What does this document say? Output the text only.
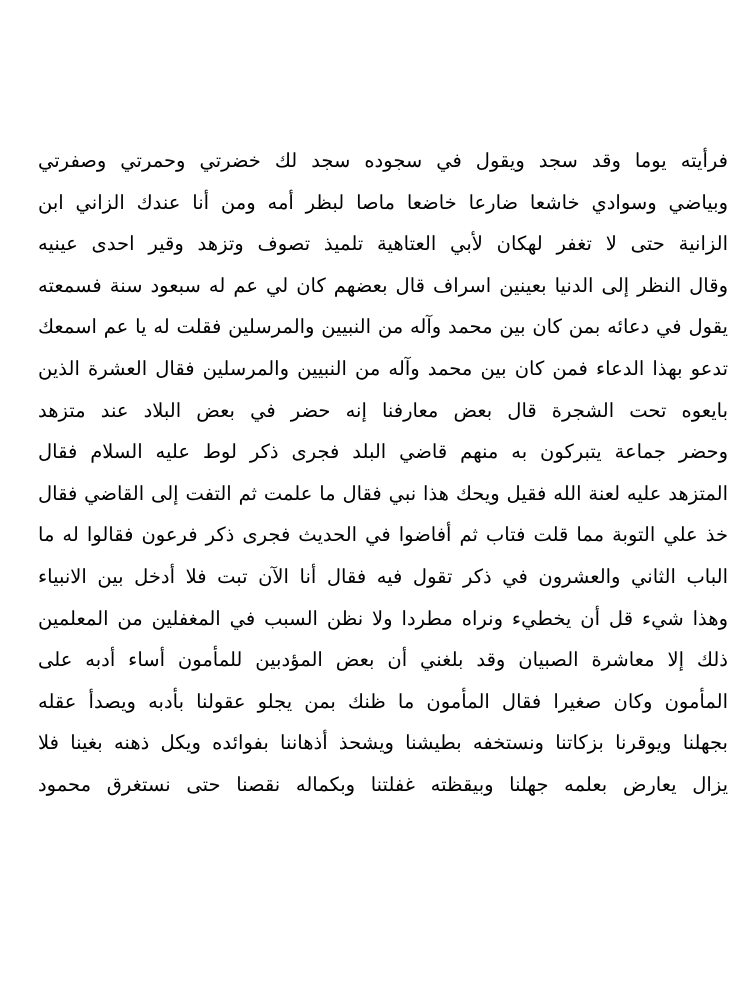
فرأيته يوما وقد سجد ويقول في سجوده سجد لك خضرتي وحمرتي وصفرتي
وبياضي وسوادي خاشعا ضارعا خاضعا ماصا لبظر أمه ومن أنا عندك الزاني ابن
الزانية حتى لا تغفر لهكان لأبي العتاهية تلميذ تصوف وتزهد وقير احدى عينيه
وقال النظر إلى الدنيا بعينين اسراف قال بعضهم كان لي عم له سبعود سنة فسمعته
يقول في دعائه بمن كان بين محمد وآله من النبيين والمرسلين فقلت له يا عم اسمعك
تدعو بهذا الدعاء فمن كان بين محمد وآله من النبيين والمرسلين فقال العشرة الذين
بايعوه تحت الشجرة قال بعض معارفنا إنه حضر في بعض البلاد عند متزهد
وحضر جماعة يتبركون به منهم قاضي البلد فجرى ذكر لوط عليه السلام فقال
المتزهد عليه لعنة الله فقيل ويحك هذا نبي فقال ما علمت ثم التفت إلى القاضي فقال
خذ علي التوبة مما قلت فتاب ثم أفاضوا في الحديث فجرى ذكر فرعون فقالوا له ما
الباب الثاني والعشرون في ذكر تقول فيه فقال أنا الآن تبت فلا أدخل بين الانبياء
وهذا شيء قل أن يخطيء ونراه مطردا ولا نظن السبب في المغفلين من المعلمين
ذلك إلا معاشرة الصبيان وقد بلغني أن بعض المؤدبين للمأمون أساء أدبه على
المأمون وكان صغيرا فقال المأمون ما ظنك بمن يجلو عقولنا بأدبه ويصدأ عقله
بجهلنا ويوقرنا بزكاتنا ونستخفه بطيشنا ويشحذ أذهاننا بفوائده ويكل ذهنه بغينا فلا
يزال يعارض بعلمه جهلنا وبيقظته غفلتنا وبكماله نقصنا حتى نستغرق محمود
